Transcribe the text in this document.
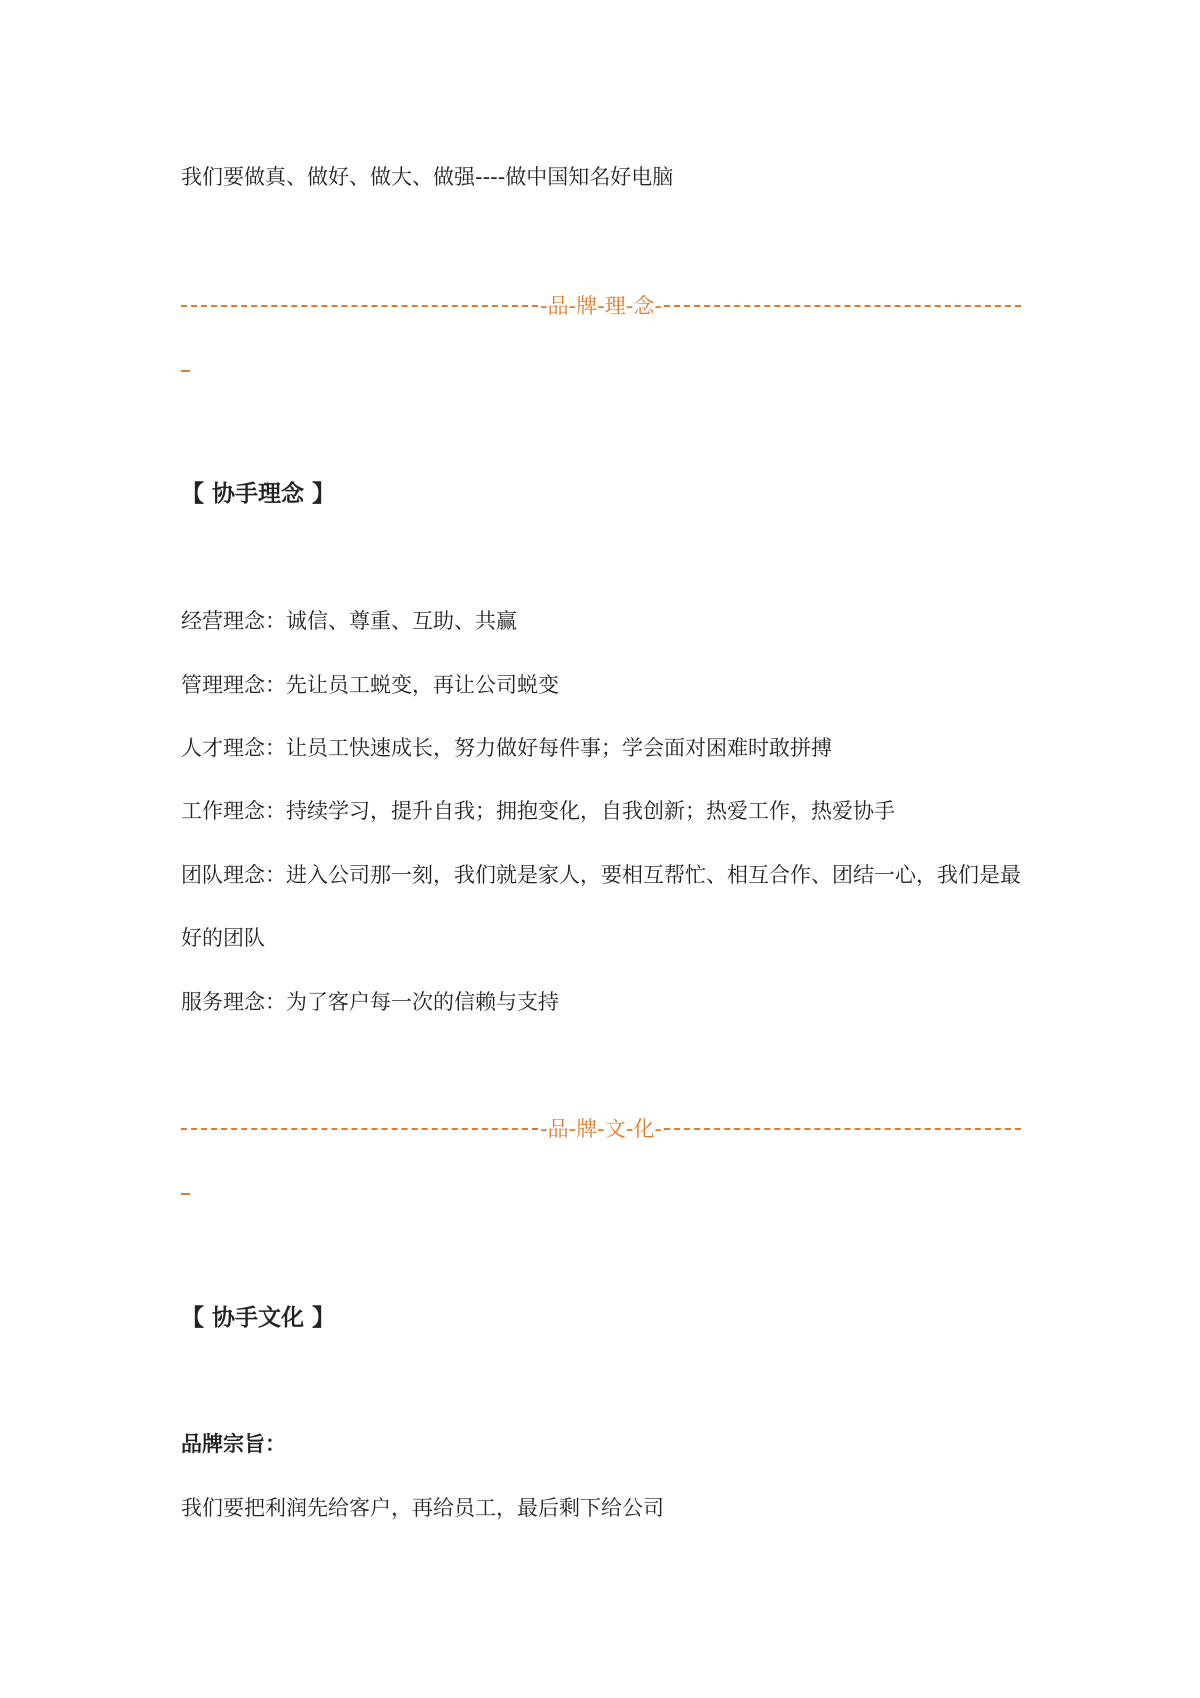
我们要做真、做好、做大、做强----做中国知名好电脑

-品-牌-理-念-

【 协手理念 】

经营理念：诚信、尊重、互助、共赢

管理理念：先让员工蜕变，再让公司蜕变

人才理念：让员工快速成长，努力做好每件事；学会面对困难时敢拼搏

工作理念：持续学习，提升自我；拥抱变化，自我创新；热爱工作，热爱协手

团队理念：进入公司那一刻，我们就是家人，要相互帮忙、相互合作、团结一心，我们是最

好的团队

服务理念：为了客户每一次的信赖与支持

-品-牌-文-化-

【 协手文化 】

品牌宗旨：

我们要把利润先给客户，再给员工，最后剩下给公司
